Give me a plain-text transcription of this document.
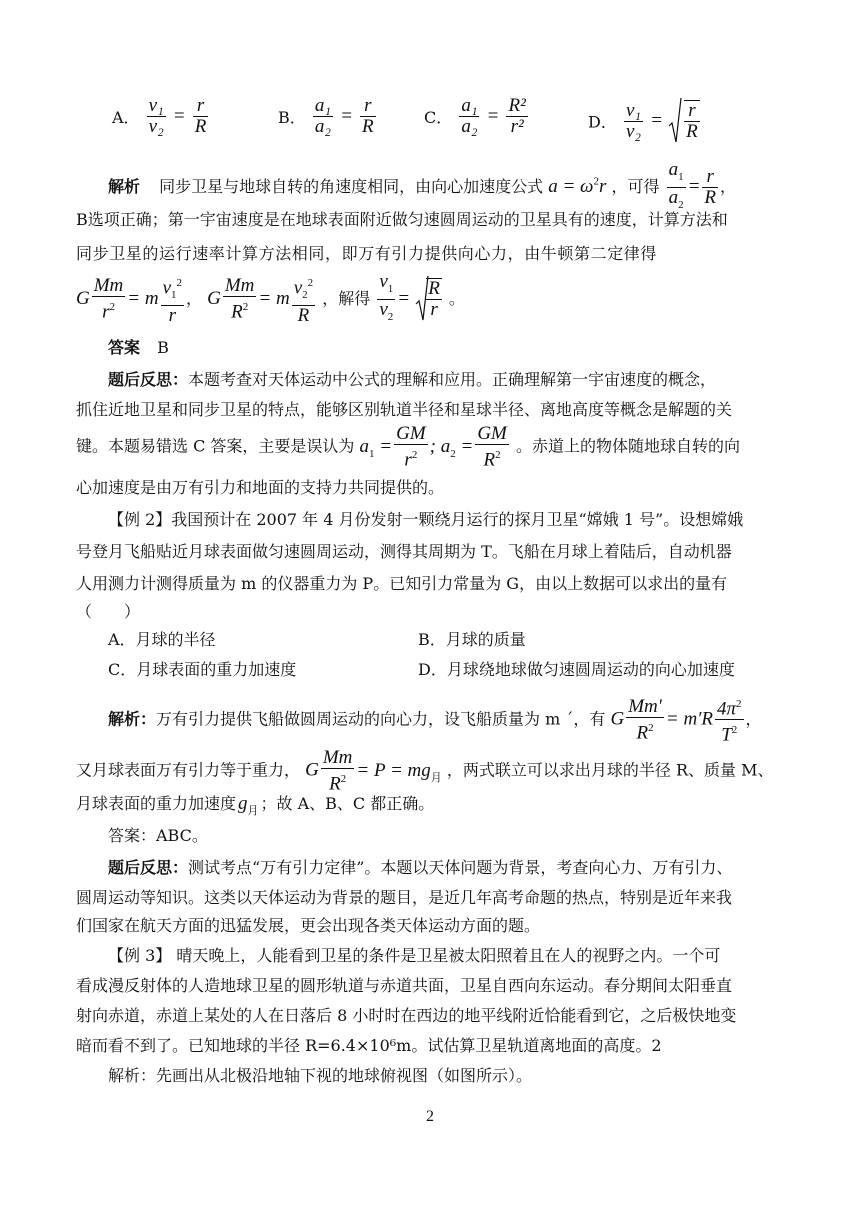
A． $\frac{\text{v₁}}{\text{v₂}} = \frac{r}{R}$	B． $\frac{\text{a₁}}{\text{a₂}} = \frac{r}{R}$	C． $\frac{\text{a₁}}{\text{a₂}} = \frac{\text{R²}}{\text{r²}}$	D． $\frac{\text{v₁}}{\text{v₂}} = \frac{r}{R}$
解析 同步卫星与地球自转的角速度相同，由向心加速度公式 $a = \omega^2r$ ，可得 $\frac{a_1}{a_2} = \frac{r}{R}$ ，
B选项正确；第一宇宙速度是在地球表面附近做匀速圆周运动的卫星具有的速度，计算方法和
同步卫星的运行速率计算方法相同，即万有引力提供向心力，由牛顿第二定律得
G $\frac{Mm}{r^2} = m \frac{v_1^2}{r}$ ， G $\frac{Mm}{R^2} = m \frac{v_2^2}{R}$ ，解得 $\frac{v_1}{v_2} = \frac{R}{r}$ 。
答案 B
题后反思：本题考查对天体运动中公式的理解和应用。正确理解第一宇宙速度的概念，
抓住近地卫星和同步卫星的特点，能够区别轨道半径和星球半径、离地高度等概念是解题的关
键。本题易错选 C 答案，主要是误认为 $a_1 = \frac{GM}{r^2}$ ; $a_2 = \frac{GM}{R^2}$ 。赤道上的物体随地球自转的向
心加速度是由万有引力和地面的支持力共同提供的。
【例 2】我国预计在 2007 年 4 月份发射一颗绕月运行的探月卫星“嫦娥 1 号”。设想嫦娥
号登月飞船贴近月球表面做匀速圆周运动，测得其周期为 T。飞船在月球上着陆后，自动机器
人用测力计测得质量为 m 的仪器重力为 P。已知引力常量为 G，由以上数据可以求出的量有
（　　）
A．月球的半径	B．月球的质量
C．月球表面的重力加速度	D．月球绕地球做匀速圆周运动的向心加速度
解析：万有引力提供飞船做圆周运动的向心力，设飞船质量为 m ´，有 G $\frac{Mm'}{R^2} = m'R \frac{4\pi^2}{T^2}$ ，
又月球表面万有引力等于重力， G $\frac{Mm}{R^2} = P = mg_月$ ，两式联立可以求出月球的半径 R、质量 M、
月球表面的重力加速度 $g_月$ ；故 A、B、C 都正确。
答案：ABC。
题后反思：测试考点“万有引力定律”。本题以天体问题为背景，考查向心力、万有引力、
圆周运动等知识。这类以天体运动为背景的题目，是近几年高考命题的热点，特别是近年来我
们国家在航天方面的迅猛发展，更会出现各类天体运动方面的题。
【例 3】 晴天晚上，人能看到卫星的条件是卫星被太阳照着且在人的视野之内。一个可
看成漫反射体的人造地球卫星的圆形轨道与赤道共面，卫星自西向东运动。春分期间太阳垂直
射向赤道，赤道上某处的人在日落后 8 小时时在西边的地平线附近恰能看到它，之后极快地变
暗而看不到了。已知地球的半径 R=6.4×10⁶m。试估算卫星轨道离地面的高度。2
解析：先画出从北极沿地轴下视的地球俯视图（如图所示）。
2
